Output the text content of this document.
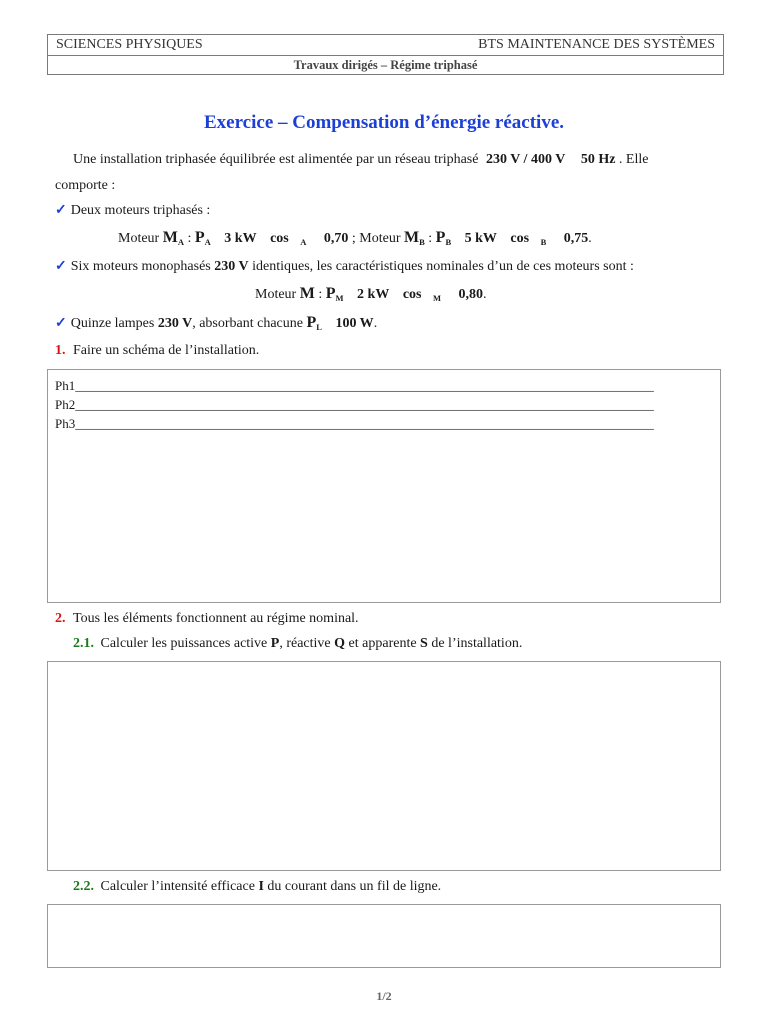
SCIENCES PHYSIQUES	BTS MAINTENANCE DES SYSTÈMES
Travaux dirigés – Régime triphasé
Exercice – Compensation d’énergie réactive.
Une installation triphasée équilibrée est alimentée par un réseau triphasé 230 V / 400 V 50 Hz . Elle
comporte :
✓ Deux moteurs triphasés :
Moteur $M_A$ : $P_A$ 3 kW cos $_A$ 0,70 ; Moteur $M_B$ : $P_B$ 5 kW cos $_B$ 0,75.
✓ Six moteurs monophasés 230 V identiques, les caractéristiques nominales d’un de ces moteurs sont :
Moteur M : $P_M$ 2 kW cos $_M$ 0,80.
✓ Quinze lampes 230 V, absorbant chacune $P_L$ 100 W.
1. Faire un schéma de l’installation.
Ph1_________________________________________________________________________________________
Ph2_________________________________________________________________________________________
Ph3_________________________________________________________________________________________
2. Tous les éléments fonctionnent au régime nominal.
2.1. Calculer les puissances active P, réactive Q et apparente S de l’installation.
2.2. Calculer l’intensité efficace I du courant dans un fil de ligne.
1/2
